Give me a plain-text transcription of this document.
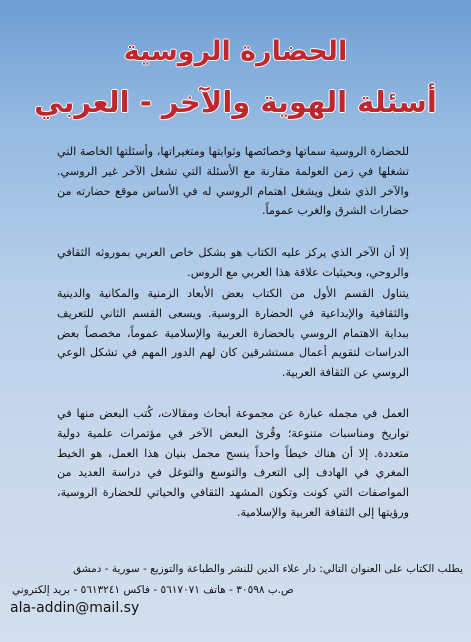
الحضارة الروسية
أسئلة الهوية والآخر - العربي
للحضارة الروسية سماتها وخصائصها وثوابتها ومتغيراتها، وأسئلتها الخاصة التي تشغلها في زمن العولمة مقارنة مع الأسئلة التي تشغل الآخر غير الروسي. والآخر الذي شغل ويشغل اهتمام الروسي له في الأساس موقع حضارته من حضارات الشرق والغرب عموماً.
إلا أن الآخر الذي يركز عليه الكتاب هو بشكل خاص العربي بموروثه الثقافي والروحي، وبحيثيات علاقة هذا العربي مع الروس.
يتناول القسم الأول من الكتاب بعض الأبعاد الزمنية والمكانية والدينية والثقافية والإبداعية في الحضارة الروسية. ويسعى القسم الثاني للتعريف ببداية الاهتمام الروسي بالحضارة العربية والإسلامية عموماً، مخصصاً بعض الدراسات لتقويم أعمال مستشرقين كان لهم الدور المهم في تشكل الوعي الروسي عن الثقافة العربية.
العمل في مجمله عبارة عن مجموعة أبحاث ومقالات، كُتب البعض منها في تواريخ ومناسبات متنوعة؛ وقُرئ البعض الآخر في مؤتمرات علمية دولية متعددة. إلا أن هناك خيطاً واحداً ينسج مجمل بنيان هذا العمل، هو الخيط المغري في الهادف إلى التعرف والتوسع والتوغل في دراسة العديد من المواصفات التي كونت وتكون المشهد الثقافي والحياتي للحضارة الروسية، ورؤيتها إلى الثقافة العربية والإسلامية.
يطلب الكتاب على العنوان التالي: دار علاء الدين للنشر والطباعة والتوزيع - سورية - دمشق
ص.ب ٣٠٥٩٨ - هاتف ٥٦١٧٠٧١ - فاكس ٥٦١٣٢٤١ - بريد إلكتروني
ala-addin@mail.sy
